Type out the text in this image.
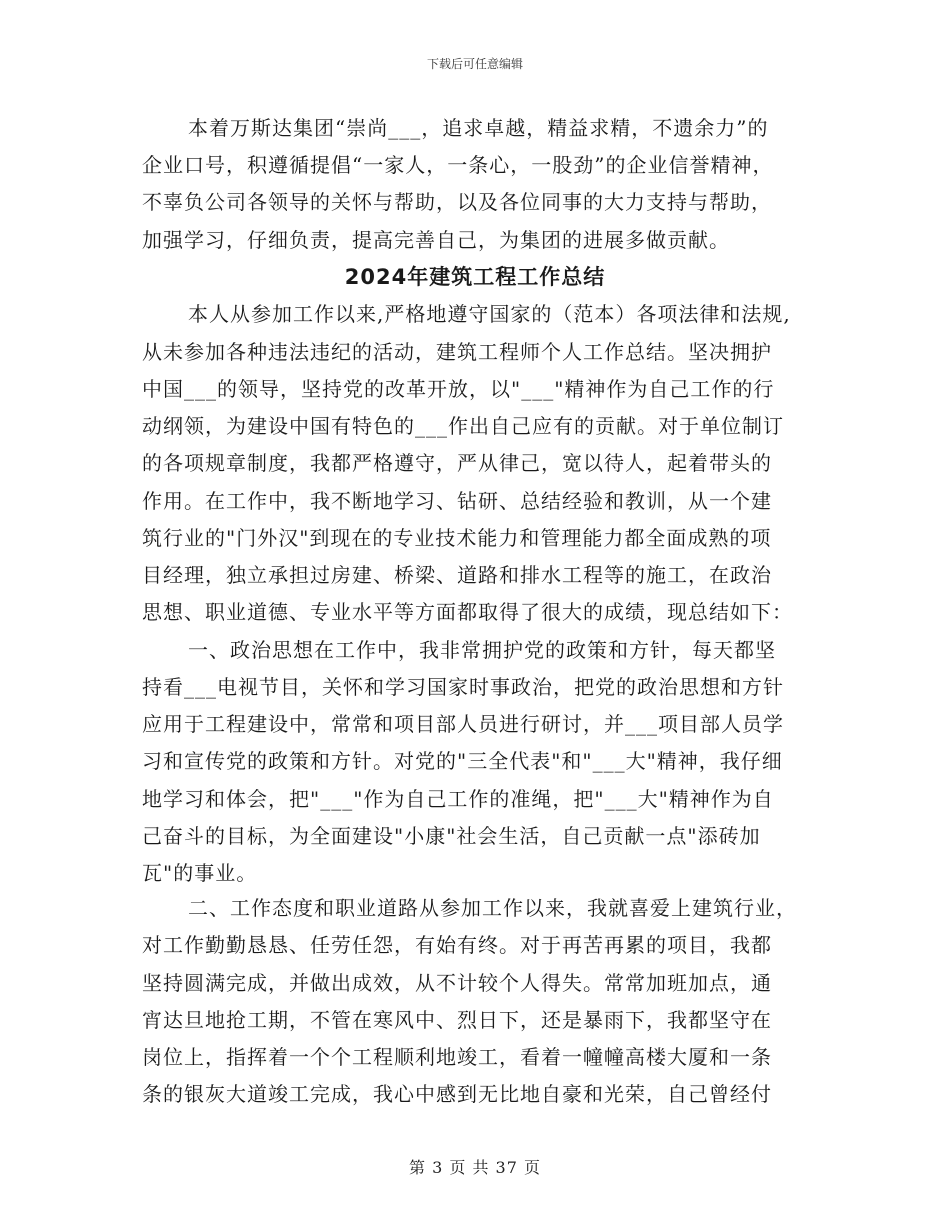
下载后可任意编辑
本着万斯达集团“崇尚___，追求卓越，精益求精，不遗余力”的
企业口号，积遵循提倡“一家人，一条心，一股劲”的企业信誉精神，
不辜负公司各领导的关怀与帮助，以及各位同事的大力支持与帮助，
加强学习，仔细负责，提高完善自己，为集团的进展多做贡献。
2024年建筑工程工作总结
本人从参加工作以来,严格地遵守国家的（范本）各项法律和法规,
从未参加各种违法违纪的活动，建筑工程师个人工作总结。坚决拥护
中国___的领导，坚持党的改革开放，以"___"精神作为自己工作的行
动纲领，为建设中国有特色的___作出自己应有的贡献。对于单位制订
的各项规章制度，我都严格遵守，严从律己，宽以待人，起着带头的
作用。在工作中，我不断地学习、钻研、总结经验和教训，从一个建
筑行业的"门外汉"到现在的专业技术能力和管理能力都全面成熟的项
目经理，独立承担过房建、桥梁、道路和排水工程等的施工，在政治
思想、职业道德、专业水平等方面都取得了很大的成绩，现总结如下：
一、政治思想在工作中，我非常拥护党的政策和方针，每天都坚
持看___电视节目，关怀和学习国家时事政治，把党的政治思想和方针
应用于工程建设中，常常和项目部人员进行研讨，并___项目部人员学
习和宣传党的政策和方针。对党的"三全代表"和"___大"精神，我仔细
地学习和体会，把"___"作为自己工作的准绳，把"___大"精神作为自
己奋斗的目标，为全面建设"小康"社会生活，自己贡献一点"添砖加
瓦"的事业。
二、工作态度和职业道路从参加工作以来，我就喜爱上建筑行业，
对工作勤勤恳恳、任劳任怨，有始有终。对于再苦再累的项目，我都
坚持圆满完成，并做出成效，从不计较个人得失。常常加班加点，通
宵达旦地抢工期，不管在寒风中、烈日下，还是暴雨下，我都坚守在
岗位上，指挥着一个个工程顺利地竣工，看着一幢幢高楼大厦和一条
条的银灰大道竣工完成，我心中感到无比地自豪和光荣，自己曾经付
第 3 页 共 37 页
